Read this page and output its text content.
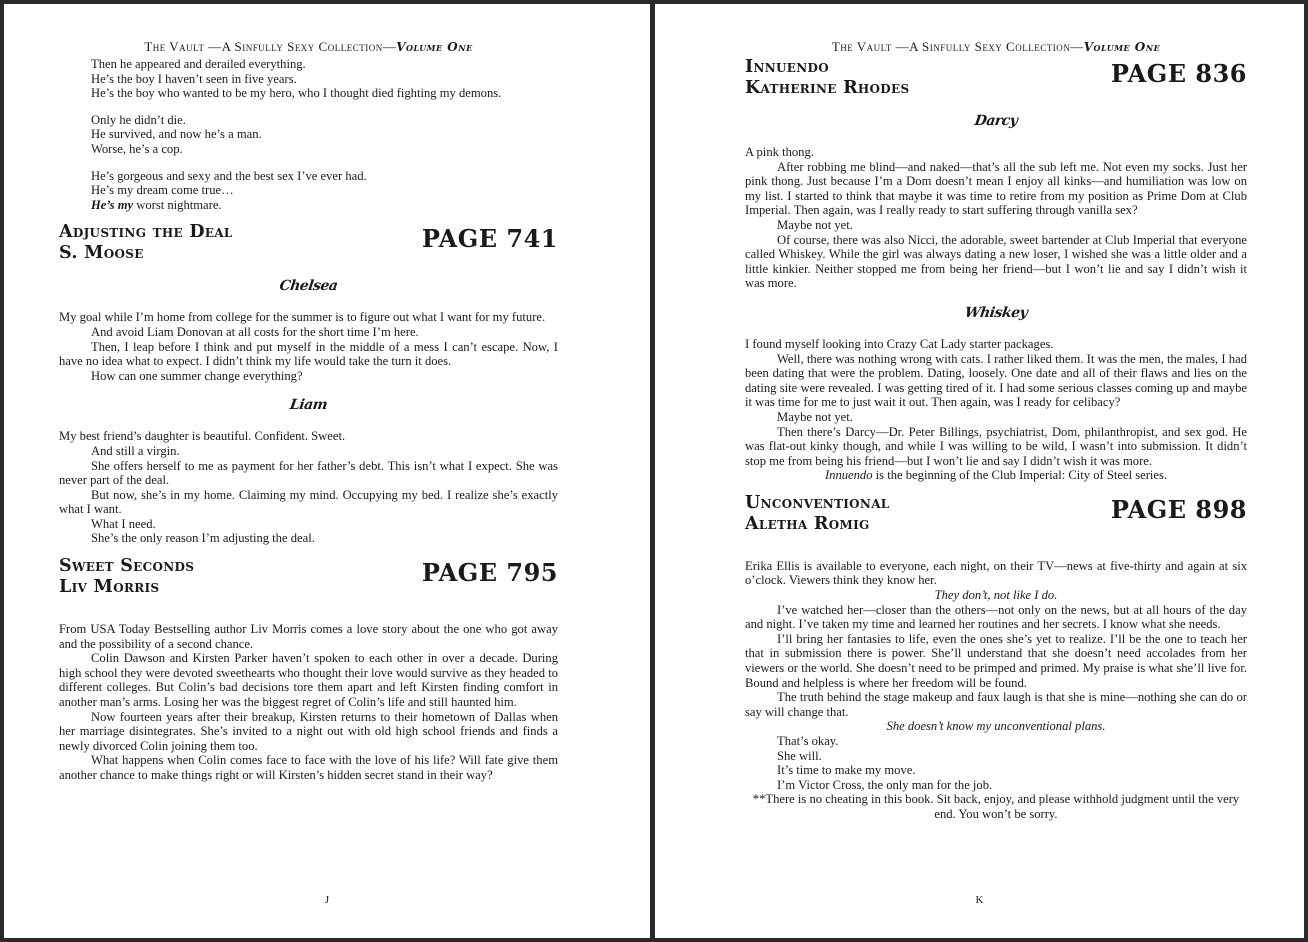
The Vault —A Sinfully Sexy Collection—Volume One

Then he appeared and derailed everything.

He’s the boy I haven’t seen in five years.

He’s the boy who wanted to be my hero, who I thought died fighting my demons.

Only he didn’t die.

He survived, and now he’s a man.

Worse, he’s a cop.

He’s gorgeous and sexy and the best sex I’ve ever had.

He’s my dream come true…

He’s my worst nightmare.

Adjusting the Deal
S. Moose	PAGE 741
Chelsea

My goal while I’m home from college for the summer is to figure out what I want for my future.

And avoid Liam Donovan at all costs for the short time I’m here.

Then, I leap before I think and put myself in the middle of a mess I can’t escape. Now, I have no idea what to expect. I didn’t think my life would take the turn it does.

How can one summer change everything?

Liam

My best friend’s daughter is beautiful. Confident. Sweet.

And still a virgin.

She offers herself to me as payment for her father’s debt. This isn’t what I expect. She was never part of the deal.

But now, she’s in my home. Claiming my mind. Occupying my bed. I realize she’s exactly what I want.

What I need.

She’s the only reason I’m adjusting the deal.

Sweet Seconds
Liv Morris	PAGE 795

From USA Today Bestselling author Liv Morris comes a love story about the one who got away and the possibility of a second chance.

Colin Dawson and Kirsten Parker haven’t spoken to each other in over a decade. During high school they were devoted sweethearts who thought their love would survive as they headed to different colleges. But Colin’s bad decisions tore them apart and left Kirsten finding comfort in another man’s arms. Losing her was the biggest regret of Colin’s life and still haunted him.

Now fourteen years after their breakup, Kirsten returns to their hometown of Dallas when her marriage disintegrates. She’s invited to a night out with old high school friends and finds a newly divorced Colin joining them too.

What happens when Colin comes face to face with the love of his life? Will fate give them another chance to make things right or will Kirsten’s hidden secret stand in their way?

J
The Vault —A Sinfully Sexy Collection—Volume One
Innuendo
Katherine Rhodes	PAGE 836
Darcy

A pink thong.

After robbing me blind—and naked—that’s all the sub left me. Not even my socks. Just her pink thong. Just because I’m a Dom doesn’t mean I enjoy all kinks—and humiliation was low on my list. I started to think that maybe it was time to retire from my position as Prime Dom at Club Imperial. Then again, was I really ready to start suffering through vanilla sex?

Maybe not yet.

Of course, there was also Nicci, the adorable, sweet bartender at Club Imperial that everyone called Whiskey. While the girl was always dating a new loser, I wished she was a little older and a little kinkier. Neither stopped me from being her friend—but I won’t lie and say I didn’t wish it was more.

Whiskey

I found myself looking into Crazy Cat Lady starter packages.

Well, there was nothing wrong with cats. I rather liked them. It was the men, the males, I had been dating that were the problem. Dating, loosely. One date and all of their flaws and lies on the dating site were revealed. I was getting tired of it. I had some serious classes coming up and maybe it was time for me to just wait it out. Then again, was I ready for celibacy?

Maybe not yet.

Then there’s Darcy—Dr. Peter Billings, psychiatrist, Dom, philanthropist, and sex god. He was flat-out kinky though, and while I was willing to be wild, I wasn’t into submission. It didn’t stop me from being his friend—but I won’t lie and say I didn’t wish it was more.

Innuendo is the beginning of the Club Imperial: City of Steel series.

Unconventional
Aletha Romig	PAGE 898

Erika Ellis is available to everyone, each night, on their TV—news at five-thirty and again at six o’clock. Viewers think they know her.

They don’t, not like I do.

I’ve watched her—closer than the others—not only on the news, but at all hours of the day and night. I’ve taken my time and learned her routines and her secrets. I know what she needs.

I’ll bring her fantasies to life, even the ones she’s yet to realize. I’ll be the one to teach her that in submission there is power. She’ll understand that she doesn’t need accolades from her viewers or the world. She doesn’t need to be primped and primed. My praise is what she’ll live for. Bound and helpless is where her freedom will be found.

The truth behind the stage makeup and faux laugh is that she is mine—nothing she can do or say will change that.

She doesn’t know my unconventional plans.

That’s okay.

She will.

It’s time to make my move.

I’m Victor Cross, the only man for the job.

**There is no cheating in this book. Sit back, enjoy, and please withhold judgment until the very end. You won’t be sorry.

K
